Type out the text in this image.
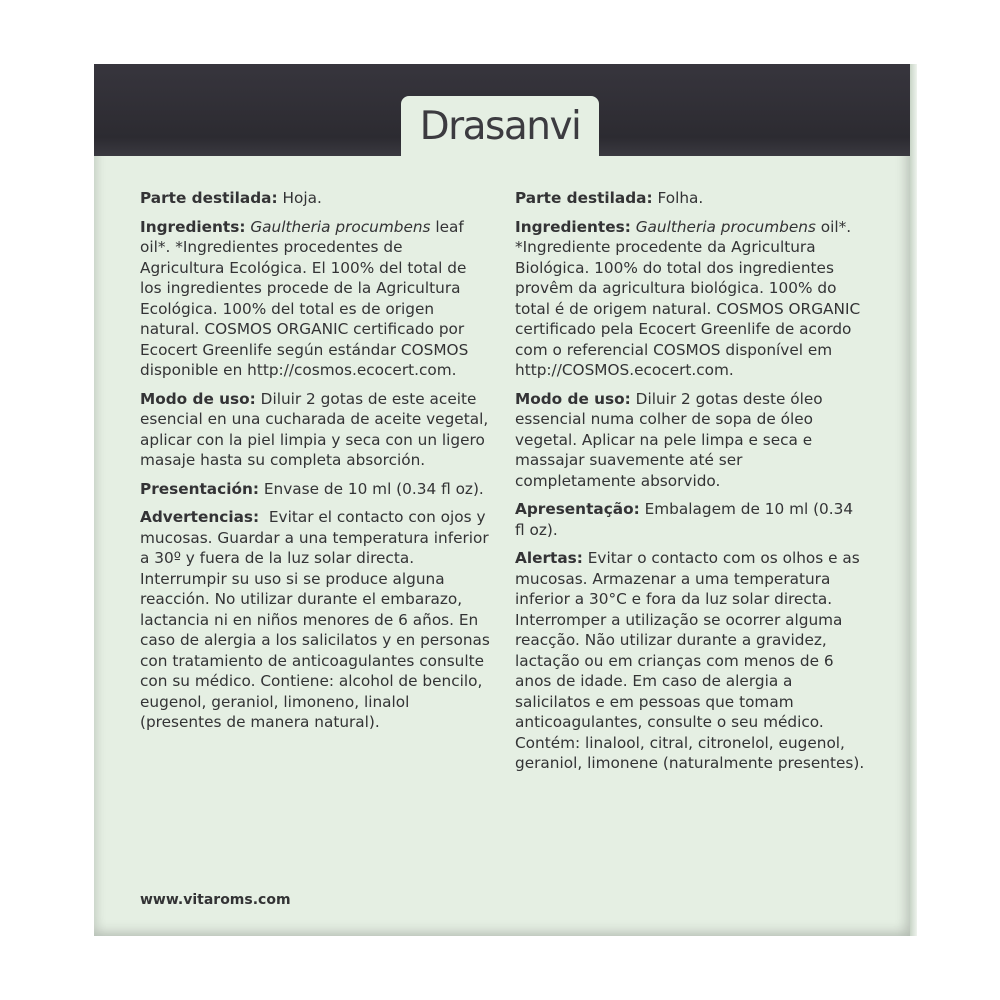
Drasanvi

Parte destilada: Hoja.

Ingredients: Gaultheria procumbens leaf oil*. *Ingredientes procedentes de Agricultura Ecológica. El 100% del total de los ingredientes procede de la Agricultura Ecológica. 100% del total es de origen natural. COSMOS ORGANIC certificado por Ecocert Greenlife según estándar COSMOS disponible en http://cosmos.ecocert.com.

Modo de uso: Diluir 2 gotas de este aceite esencial en una cucharada de aceite vegetal, aplicar con la piel limpia y seca con un ligero masaje hasta su completa absorción.

Presentación: Envase de 10 ml (0.34 fl oz).

Advertencias:  Evitar el contacto con ojos y mucosas. Guardar a una temperatura inferior a 30º y fuera de la luz solar directa. Interrumpir su uso si se produce alguna reacción. No utilizar durante el embarazo, lactancia ni en niños menores de 6 años. En caso de alergia a los salicilatos y en personas con tratamiento de anticoagulantes consulte con su médico. Contiene: alcohol de bencilo, eugenol, geraniol, limoneno, linalol (presentes de manera natural).

Parte destilada: Folha.

Ingredientes: Gaultheria procumbens oil*. *Ingrediente procedente da Agricultura Biológica. 100% do total dos ingredientes provêm da agricultura biológica. 100% do total é de origem natural. COSMOS ORGANIC certificado pela Ecocert Greenlife de acordo com o referencial COSMOS disponível em http://COSMOS.ecocert.com.

Modo de uso: Diluir 2 gotas deste óleo essencial numa colher de sopa de óleo vegetal. Aplicar na pele limpa e seca e massajar suavemente até ser completamente absorvido.

Apresentação: Embalagem de 10 ml (0.34 fl oz).

Alertas: Evitar o contacto com os olhos e as mucosas. Armazenar a uma temperatura inferior a 30°C e fora da luz solar directa. Interromper a utilização se ocorrer alguma reacção. Não utilizar durante a gravidez, lactação ou em crianças com menos de 6 anos de idade. Em caso de alergia a salicilatos e em pessoas que tomam anticoagulantes, consulte o seu médico. Contém: linalool, citral, citronelol, eugenol, geraniol, limonene (naturalmente presentes).

www.vitaroms.com
